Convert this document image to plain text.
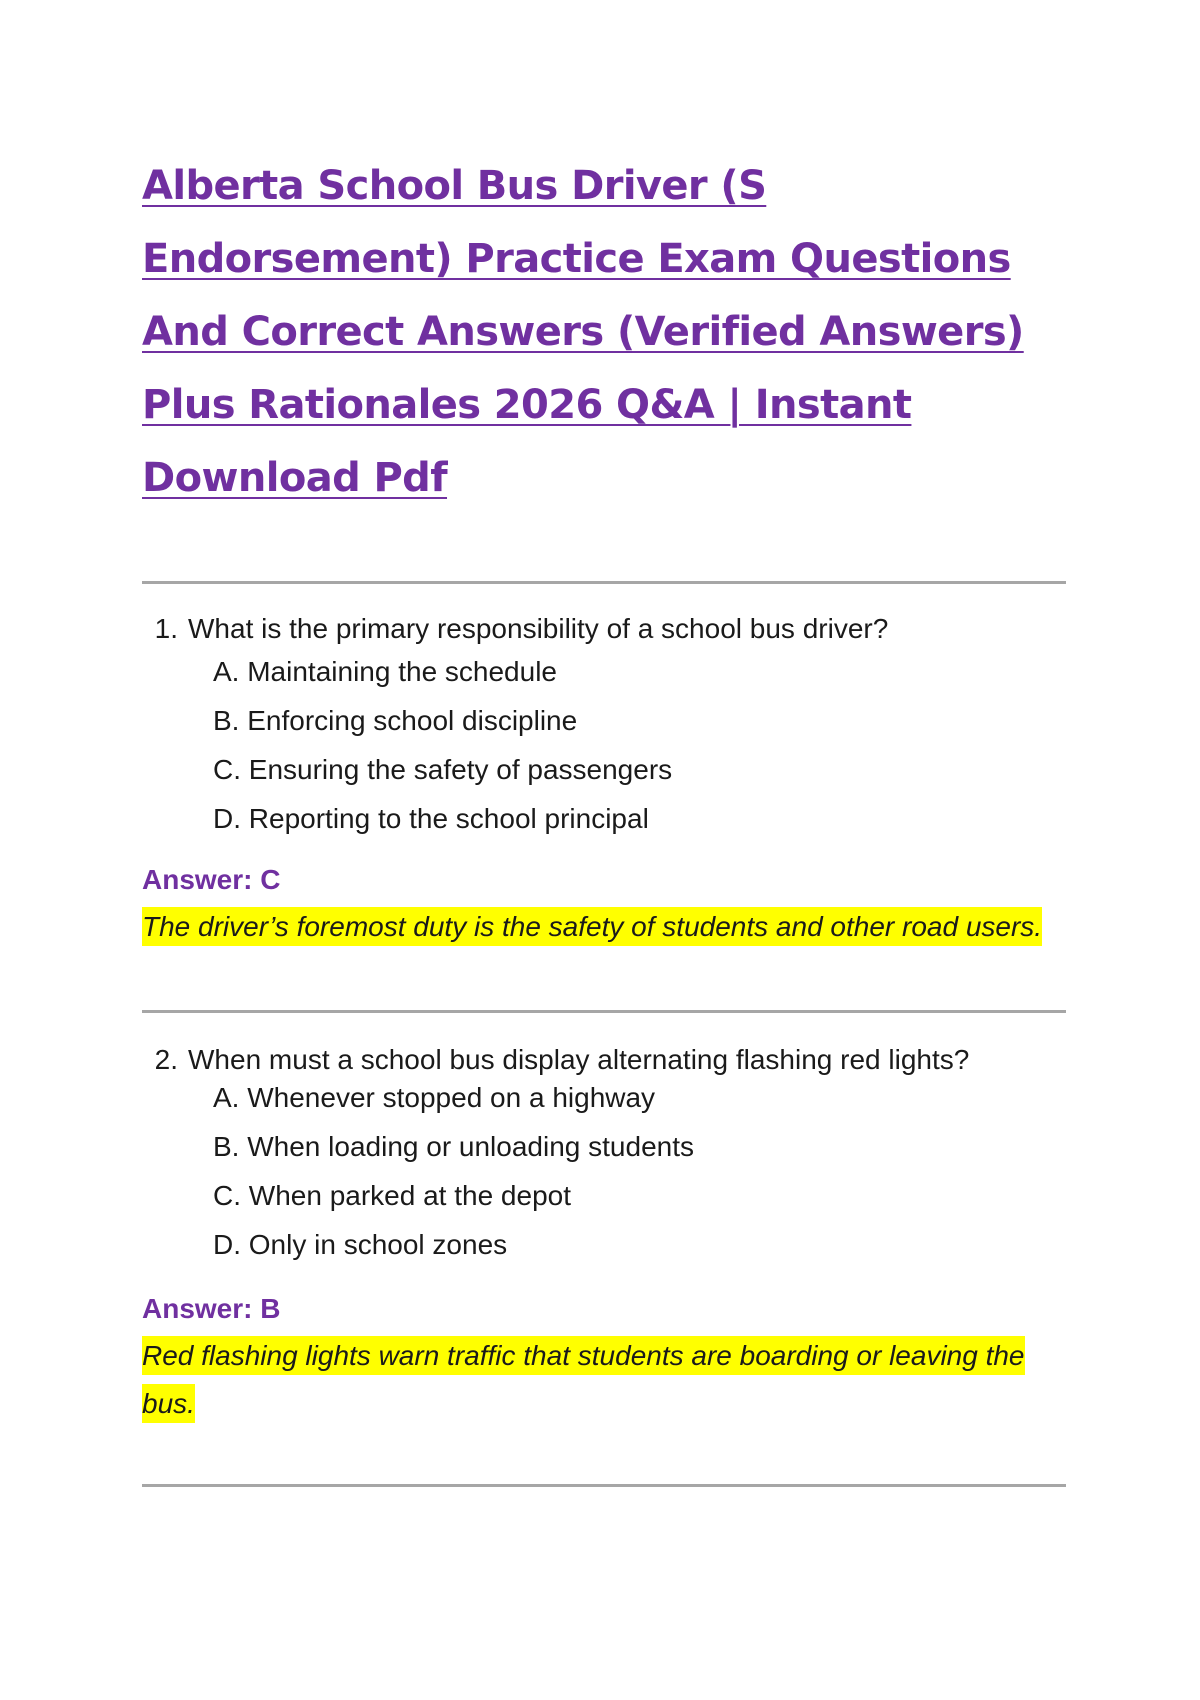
Alberta School Bus Driver (S Endorsement) Practice Exam Questions And Correct Answers (Verified Answers) Plus Rationales 2026 Q&A | Instant Download Pdf
1. What is the primary responsibility of a school bus driver?
A. Maintaining the schedule
B. Enforcing school discipline
C. Ensuring the safety of passengers
D. Reporting to the school principal
Answer: C
The driver’s foremost duty is the safety of students and other road users.
2. When must a school bus display alternating flashing red lights?
A. Whenever stopped on a highway
B. When loading or unloading students
C. When parked at the depot
D. Only in school zones
Answer: B
Red flashing lights warn traffic that students are boarding or leaving the bus.
